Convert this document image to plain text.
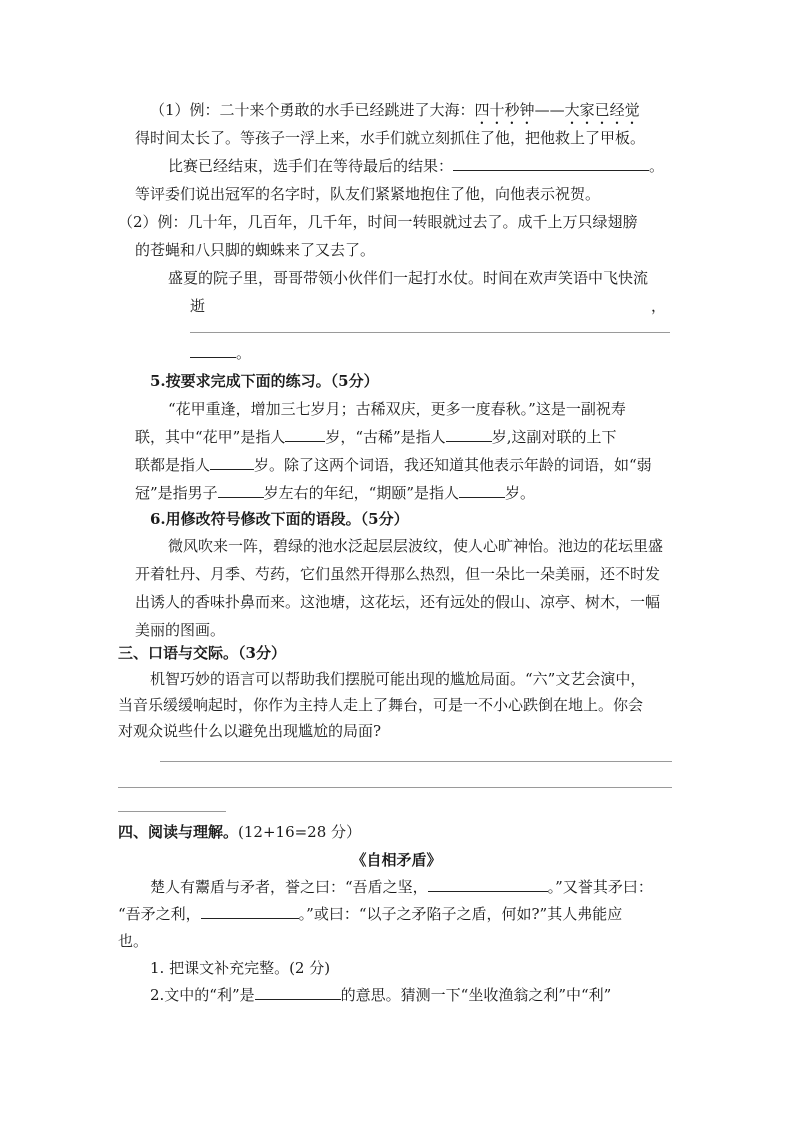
（1）例：二十来个勇敢的水手已经跳进了大海：四十秒钟——大家已经觉
得时间太长了。等孩子一浮上来，水手们就立刻抓住了他，把他救上了甲板。
比赛已经结束，选手们在等待最后的结果：	。
等评委们说出冠军的名字时，队友们紧紧地抱住了他，向他表示祝贺。
（2）例：几十年，几百年，几千年，时间一转眼就过去了。成千上万只绿翅膀
的苍蝇和八只脚的蜘蛛来了又去了。
盛夏的院子里，哥哥带领小伙伴们一起打水仗。时间在欢声笑语中飞快流
逝	，
。
5.按要求完成下面的练习。（5分）
“花甲重逢，增加三七岁月；古稀双庆，更多一度春秋。”这是一副祝寿
联，其中“花甲”是指人	岁，“古稀”是指人	岁,这副对联的上下
联都是指人	岁。除了这两个词语，我还知道其他表示年龄的词语，如“弱
冠”是指男子	岁左右的年纪，“期颐”是指人	岁。
6.用修改符号修改下面的语段。（5分）
微风吹来一阵，碧绿的池水泛起层层波纹，使人心旷神怡。池边的花坛里盛
开着牡丹、月季、芍药，它们虽然开得那么热烈，但一朵比一朵美丽，还不时发
出诱人的香味扑鼻而来。这池塘，这花坛，还有远处的假山、凉亭、树木，一幅
美丽的图画。
三、口语与交际。（3分）
机智巧妙的语言可以帮助我们摆脱可能出现的尴尬局面。“六”文艺会演中，
当音乐缓缓响起时，你作为主持人走上了舞台，可是一不小心跌倒在地上。你会
对观众说些什么以避免出现尴尬的局面?
四、阅读与理解。(12+16=28 分）
《自相矛盾》
楚人有鬻盾与矛者，誉之曰：“吾盾之坚，	。”又誉其矛曰：
“吾矛之利，	。”或曰：“以子之矛陷子之盾，何如?”其人弗能应
也。
1. 把课文补充完整。(2 分)
2.文中的“利”是	的意思。猜测一下“坐收渔翁之利”中“利”
